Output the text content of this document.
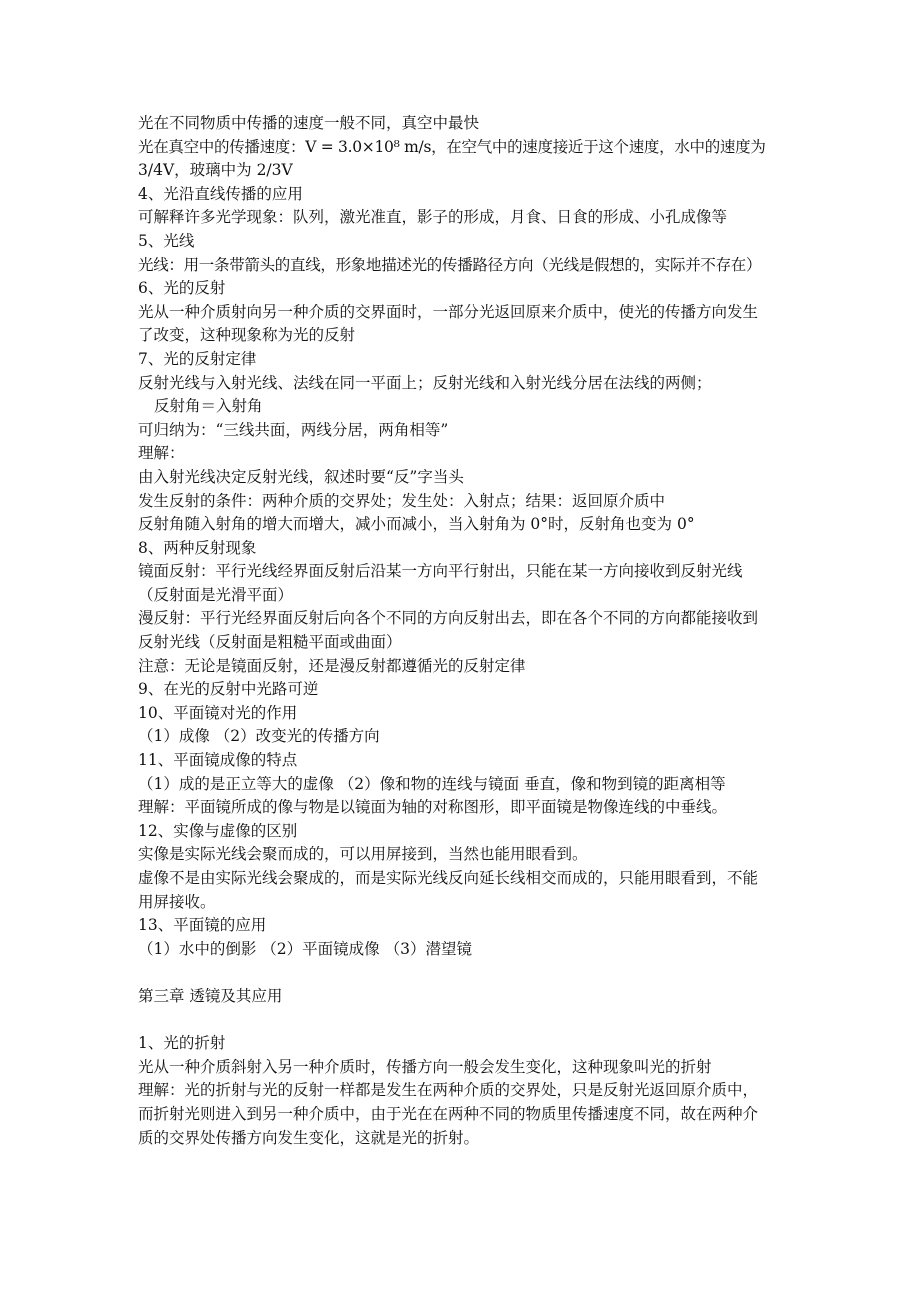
光在不同物质中传播的速度一般不同，真空中最快
光在真空中的传播速度：V = 3.0×10⁸ m/s，在空气中的速度接近于这个速度，水中的速度为
3/4V，玻璃中为 2/3V
4、光沿直线传播的应用
可解释许多光学现象：队列，激光准直，影子的形成，月食、日食的形成、小孔成像等
5、光线
光线：用一条带箭头的直线，形象地描述光的传播路径方向（光线是假想的，实际并不存在）
6、光的反射
光从一种介质射向另一种介质的交界面时，一部分光返回原来介质中，使光的传播方向发生
了改变，这种现象称为光的反射
7、光的反射定律
反射光线与入射光线、法线在同一平面上；反射光线和入射光线分居在法线的两侧；
反射角＝入射角
可归纳为：“三线共面，两线分居，两角相等”
理解：
由入射光线决定反射光线，叙述时要“反”字当头
发生反射的条件：两种介质的交界处；发生处：入射点；结果：返回原介质中
反射角随入射角的增大而增大，减小而减小，当入射角为 0°时，反射角也变为 0°
8、两种反射现象
镜面反射：平行光线经界面反射后沿某一方向平行射出，只能在某一方向接收到反射光线
（反射面是光滑平面）
漫反射：平行光经界面反射后向各个不同的方向反射出去，即在各个不同的方向都能接收到
反射光线（反射面是粗糙平面或曲面）
注意：无论是镜面反射，还是漫反射都遵循光的反射定律
9、在光的反射中光路可逆
10、平面镜对光的作用
（1）成像 （2）改变光的传播方向
11、平面镜成像的特点
（1）成的是正立等大的虚像 （2）像和物的连线与镜面 垂直，像和物到镜的距离相等
理解：平面镜所成的像与物是以镜面为轴的对称图形，即平面镜是物像连线的中垂线。
12、实像与虚像的区别
实像是实际光线会聚而成的，可以用屏接到，当然也能用眼看到。
虚像不是由实际光线会聚成的，而是实际光线反向延长线相交而成的，只能用眼看到，不能
用屏接收。
13、平面镜的应用
（1）水中的倒影 （2）平面镜成像 （3）潜望镜
第三章 透镜及其应用
1、光的折射
光从一种介质斜射入另一种介质时，传播方向一般会发生变化，这种现象叫光的折射
理解：光的折射与光的反射一样都是发生在两种介质的交界处，只是反射光返回原介质中，
而折射光则进入到另一种介质中，由于光在在两种不同的物质里传播速度不同，故在两种介
质的交界处传播方向发生变化，这就是光的折射。
